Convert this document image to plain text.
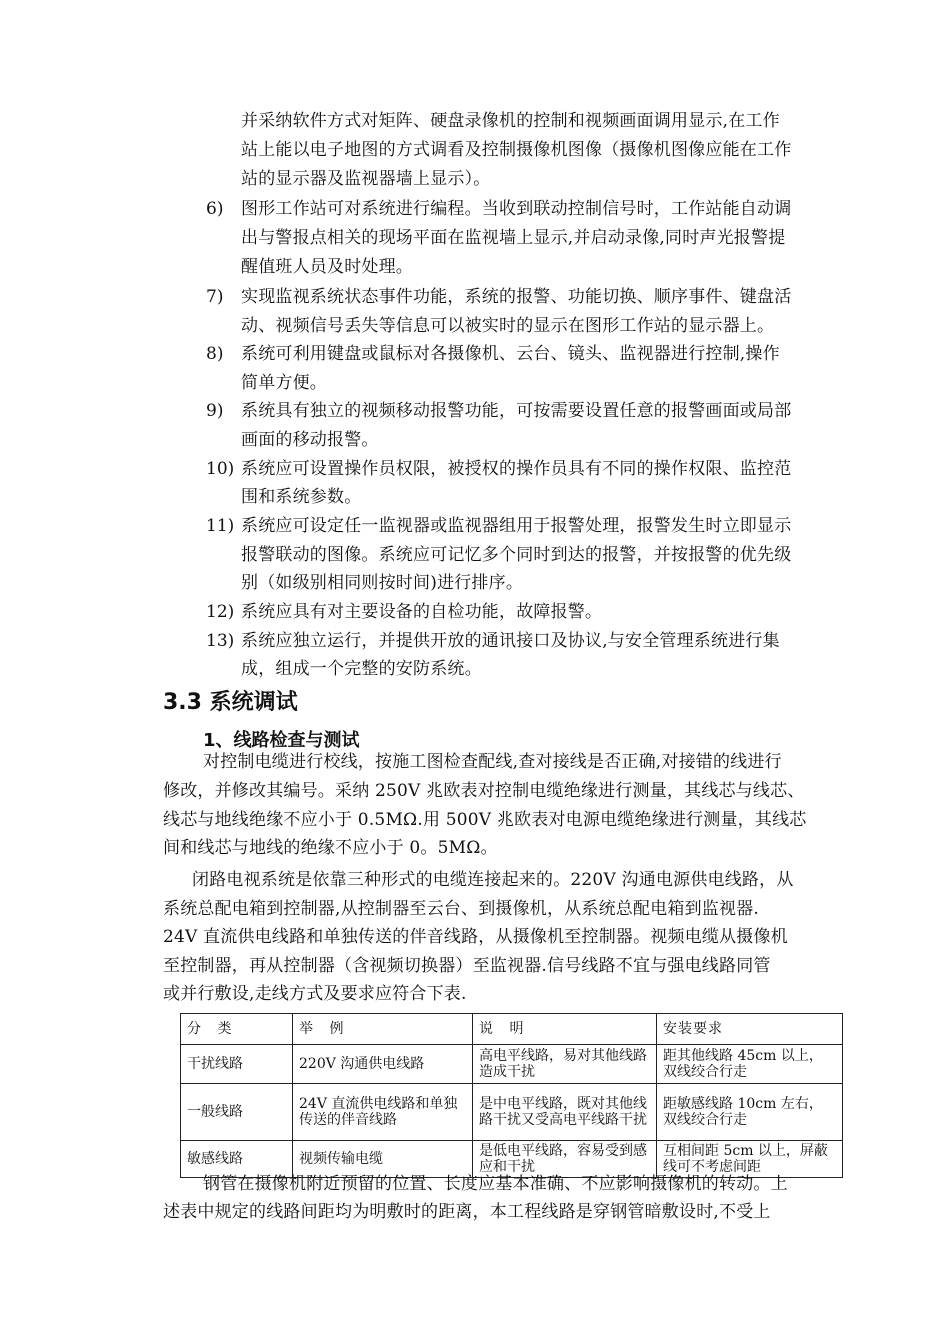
并采纳软件方式对矩阵、硬盘录像机的控制和视频画面调用显示,在工作
站上能以电子地图的方式调看及控制摄像机图像（摄像机图像应能在工作
站的显示器及监视器墙上显示）。
6) 图形工作站可对系统进行编程。当收到联动控制信号时，工作站能自动调
出与警报点相关的现场平面在监视墙上显示,并启动录像,同时声光报警提
醒值班人员及时处理。
7) 实现监视系统状态事件功能，系统的报警、功能切换、顺序事件、键盘活
动、视频信号丢失等信息可以被实时的显示在图形工作站的显示器上。
8) 系统可利用键盘或鼠标对各摄像机、云台、镜头、监视器进行控制,操作
简单方便。
9) 系统具有独立的视频移动报警功能，可按需要设置任意的报警画面或局部
画面的移动报警。
10) 系统应可设置操作员权限，被授权的操作员具有不同的操作权限、监控范
围和系统参数。
11) 系统应可设定任一监视器或监视器组用于报警处理，报警发生时立即显示
报警联动的图像。系统应可记忆多个同时到达的报警，并按报警的优先级
别（如级别相同则按时间)进行排序。
12) 系统应具有对主要设备的自检功能，故障报警。
13) 系统应独立运行，并提供开放的通讯接口及协议,与安全管理系统进行集
成，组成一个完整的安防系统。
3.3 系统调试
1、线路检查与测试
对控制电缆进行校线，按施工图检查配线,查对接线是否正确,对接错的线进行
修改，并修改其编号。采纳 250V 兆欧表对控制电缆绝缘进行测量，其线芯与线芯、
线芯与地线绝缘不应小于 0.5MΩ.用 500V 兆欧表对电源电缆绝缘进行测量，其线芯
间和线芯与地线的绝缘不应小于 0。5MΩ。
闭路电视系统是依靠三种形式的电缆连接起来的。220V 沟通电源供电线路，从
系统总配电箱到控制器,从控制器至云台、到摄像机，从系统总配电箱到监视器.
24V 直流供电线路和单独传送的伴音线路，从摄像机至控制器。视频电缆从摄像机
至控制器，再从控制器（含视频切换器）至监视器.信号线路不宜与强电线路同管
或并行敷设,走线方式及要求应符合下表.
分 类	举 例	说 明	安装要求
干扰线路	220V 沟通供电线路	高电平线路，易对其他线路造成干扰	距其他线路 45cm 以上，双线绞合行走
一般线路	24V 直流供电线路和单独传送的伴音线路	是中电平线路，既对其他线路干扰又受高电平线路干扰	距敏感线路 10cm 左右，双线绞合行走
敏感线路	视频传输电缆	是低电平线路，容易受到感应和干扰	互相间距 5cm 以上，屏蔽线可不考虑间距
钢管在摄像机附近预留的位置、长度应基本准确、不应影响摄像机的转动。上
述表中规定的线路间距均为明敷时的距离，本工程线路是穿钢管暗敷设时,不受上
